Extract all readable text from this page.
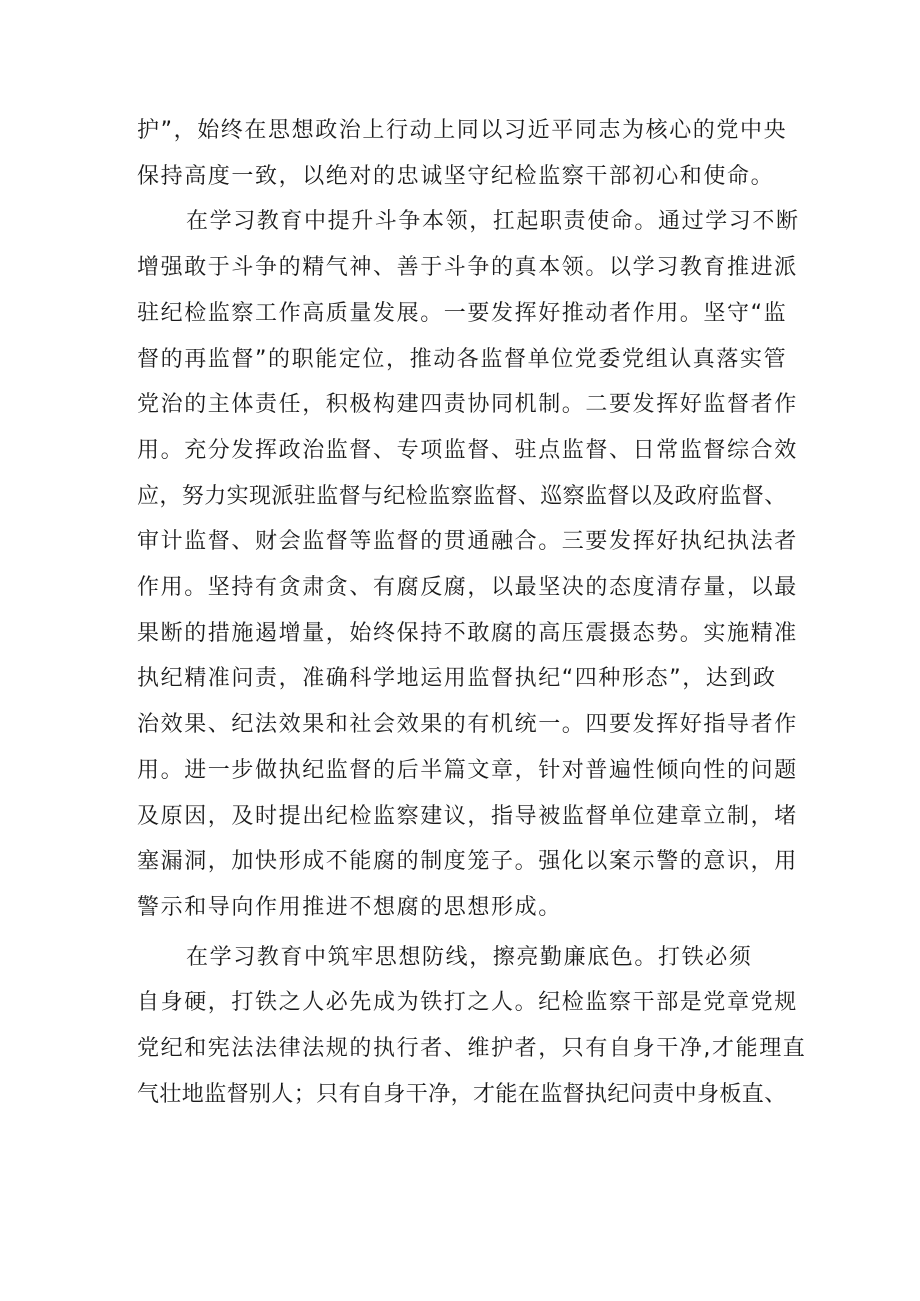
护”，始终在思想政治上行动上同以习近平同志为核心的党中央
保持高度一致，以绝对的忠诚坚守纪检监察干部初心和使命。
在学习教育中提升斗争本领，扛起职责使命。通过学习不断
增强敢于斗争的精气神、善于斗争的真本领。以学习教育推进派
驻纪检监察工作高质量发展。一要发挥好推动者作用。坚守“监
督的再监督”的职能定位，推动各监督单位党委党组认真落实管
党治的主体责任，积极构建四责协同机制。二要发挥好监督者作
用。充分发挥政治监督、专项监督、驻点监督、日常监督综合效
应，努力实现派驻监督与纪检监察监督、巡察监督以及政府监督、
审计监督、财会监督等监督的贯通融合。三要发挥好执纪执法者
作用。坚持有贪肃贪、有腐反腐，以最坚决的态度清存量，以最
果断的措施遏增量，始终保持不敢腐的高压震摄态势。实施精准
执纪精准问责，准确科学地运用监督执纪“四种形态”，达到政
治效果、纪法效果和社会效果的有机统一。四要发挥好指导者作
用。进一步做执纪监督的后半篇文章，针对普遍性倾向性的问题
及原因，及时提出纪检监察建议，指导被监督单位建章立制，堵
塞漏洞，加快形成不能腐的制度笼子。强化以案示警的意识，用
警示和导向作用推进不想腐的思想形成。
在学习教育中筑牢思想防线，擦亮勤廉底色。打铁必须
自身硬，打铁之人必先成为铁打之人。纪检监察干部是党章党规
党纪和宪法法律法规的执行者、维护者，只有自身干净,才能理直
气壮地监督别人；只有自身干净，才能在监督执纪问责中身板直、
